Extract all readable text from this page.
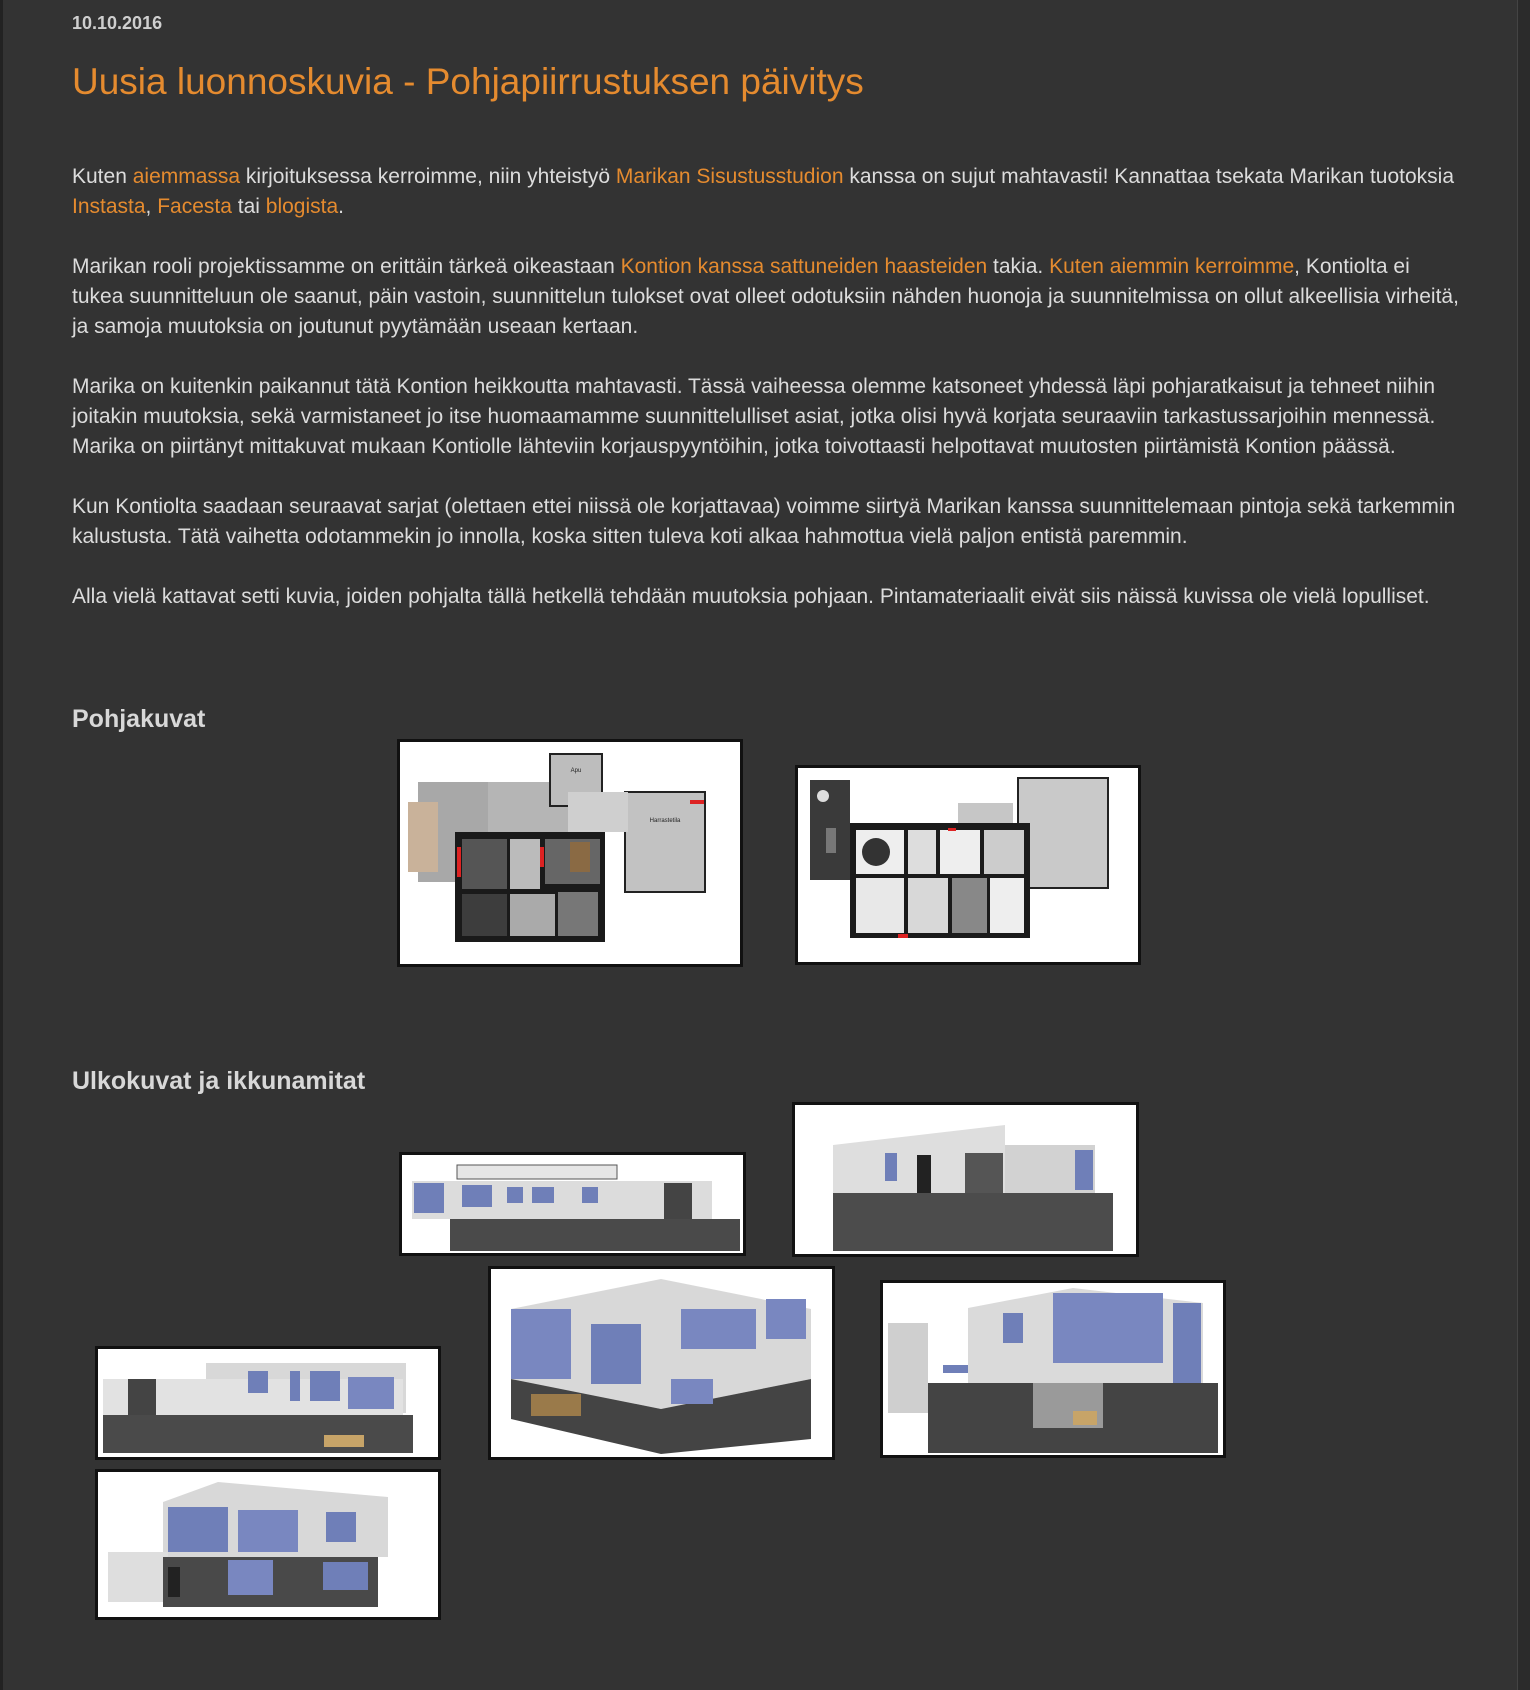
10.10.2016
Uusia luonnoskuvia - Pohjapiirrustuksen päivitys

Kuten aiemmassa kirjoituksessa kerroimme, niin yhteistyö Marikan Sisustusstudion kanssa on sujut mahtavasti! Kannattaa tsekata Marikan tuotoksia Instasta, Facesta tai blogista.

Marikan rooli projektissamme on erittäin tärkeä oikeastaan Kontion kanssa sattuneiden haasteiden takia. Kuten aiemmin kerroimme, Kontiolta ei tukea suunnitteluun ole saanut, päin vastoin, suunnittelun tulokset ovat olleet odotuksiin nähden huonoja ja suunnitelmissa on ollut alkeellisia virheitä, ja samoja muutoksia on joutunut pyytämään useaan kertaan.

Marika on kuitenkin paikannut tätä Kontion heikkoutta mahtavasti. Tässä vaiheessa olemme katsoneet yhdessä läpi pohjaratkaisut ja tehneet niihin joitakin muutoksia, sekä varmistaneet jo itse huomaamamme suunnittelulliset asiat, jotka olisi hyvä korjata seuraaviin tarkastussarjoihin mennessä. Marika on piirtänyt mittakuvat mukaan Kontiolle lähteviin korjauspyyntöihin, jotka toivottaasti helpottavat muutosten piirtämistä Kontion päässä.

Kun Kontiolta saadaan seuraavat sarjat (olettaen ettei niissä ole korjattavaa) voimme siirtyä Marikan kanssa suunnittelemaan pintoja sekä tarkemmin kalustusta. Tätä vaihetta odotammekin jo innolla, koska sitten tuleva koti alkaa hahmottua vielä paljon entistä paremmin.

Alla vielä kattavat setti kuvia, joiden pohjalta tällä hetkellä tehdään muutoksia pohjaan. Pintamateriaalit eivät siis näissä kuvissa ole vielä lopulliset.

Pohjakuvat
Apu
Harrastetila
Ulkokuvat ja ikkunamitat
